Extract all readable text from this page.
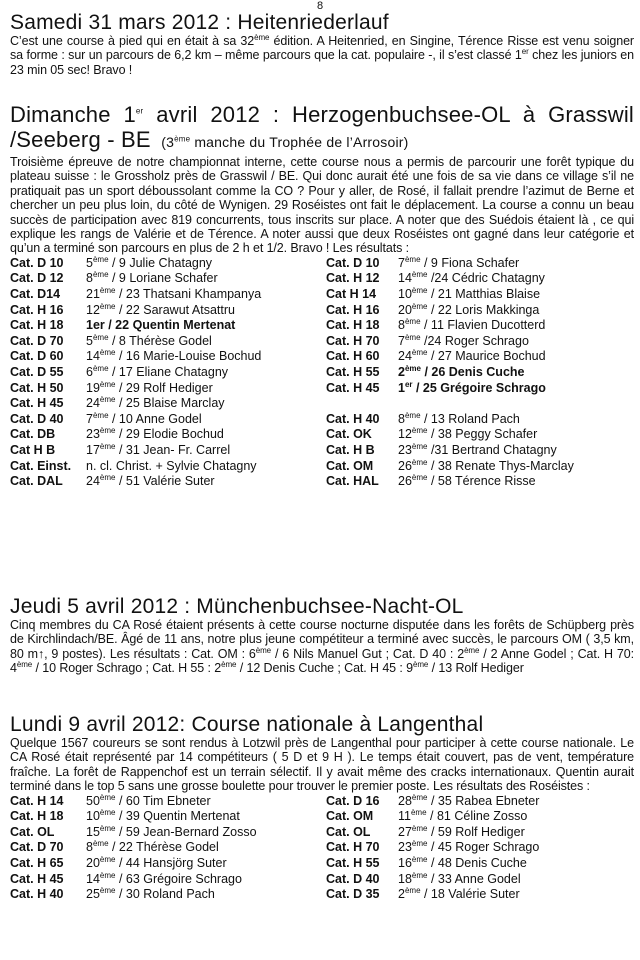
8
Samedi 31 mars 2012 : Heitenriederlauf

C’est une course à pied qui en était à sa 32ème édition. A Heitenried, en Singine, Térence Risse est venu soigner sa forme : sur un parcours de 6,2 km – même parcours que la cat. populaire -, il s’est classé 1er chez les juniors en 23 min 05 sec! Bravo !

Dimanche 1er avril 2012 : Herzogenbuchsee-OL à Grasswil /Seeberg - BE (3ème manche du Trophée de l’Arrosoir)

Troisième épreuve de notre championnat interne, cette course nous a permis de parcourir une forêt typique du plateau suisse : le Grossholz près de Grasswil / BE. Qui donc aurait été une fois de sa vie dans ce village s’il ne pratiquait pas un sport déboussolant comme la CO ? Pour y aller, de Rosé, il fallait prendre l’azimut de Berne et chercher un peu plus loin, du côté de Wynigen. 29 Roséistes ont fait le déplacement. La course a connu un beau succès de participation avec 819 concurrents, tous inscrits sur place. A noter que des Suédois étaient là , ce qui explique les rangs de Valérie et de Térence. A noter aussi que deux Roséistes ont gagné dans leur catégorie et qu’un a terminé son parcours en plus de 2 h et 1/2. Bravo ! Les résultats :

Cat. D 10 5ème / 9 Julie Chatagny
Cat. D 12 8ème / 9 Loriane Schafer
Cat. D14 21ème / 23 Thatsani Khampanya
Cat. H 16 12ème / 22 Sarawut Atsattru
Cat. H 18 1er / 22 Quentin Mertenat
Cat. D 70 5ème / 8 Thérèse Godel
Cat. D 60 14ème / 16 Marie-Louise Bochud
Cat. D 55 6ème / 17 Eliane Chatagny
Cat. H 50 19ème / 29 Rolf Hediger
Cat. H 45 24ème / 25 Blaise Marclay
Cat. D 40 7ème / 10 Anne Godel
Cat. DB 23ème / 29 Elodie Bochud
Cat H B 17ème / 31 Jean- Fr. Carrel
Cat. Einst. n. cl. Christ. + Sylvie Chatagny
Cat. DAL 24ème / 51 Valérie Suter
Cat. D 10 7ème / 9 Fiona Schafer
Cat. H 12 14ème /24 Cédric Chatagny
Cat H 14 10ème / 21 Matthias Blaise
Cat. H 16 20ème / 22 Loris Makkinga
Cat. H 18 8ème / 11 Flavien Ducotterd
Cat. H 70 7ème /24 Roger Schrago
Cat. H 60 24ème / 27 Maurice Bochud
Cat. H 55 2ème / 26 Denis Cuche
Cat. H 45 1er / 25 Grégoire Schrago
Cat. H 40 8ème / 13 Roland Pach
Cat. OK 12ème / 38 Peggy Schafer
Cat. H B 23ème /31 Bertrand Chatagny
Cat. OM 26ème / 38 Renate Thys-Marclay
Cat. HAL 26ème / 58 Térence Risse
Jeudi 5 avril 2012 : Münchenbuchsee-Nacht-OL

Cinq membres du CA Rosé étaient présents à cette course nocturne disputée dans les forêts de Schüpberg près de Kirchlindach/BE. Âgé de 11 ans, notre plus jeune compétiteur a terminé avec succès, le parcours OM ( 3,5 km, 80 m↑, 9 postes). Les résultats : Cat. OM : 6ème / 6 Nils Manuel Gut ; Cat. D 40 : 2ème / 2 Anne Godel ; Cat. H 70: 4ème / 10 Roger Schrago ; Cat. H 55 : 2ème / 12 Denis Cuche ; Cat. H 45 : 9ème / 13 Rolf Hediger

Lundi 9 avril 2012: Course nationale à Langenthal

Quelque 1567 coureurs se sont rendus à Lotzwil près de Langenthal pour participer à cette course nationale. Le CA Rosé était représenté par 14 compétiteurs ( 5 D et 9 H ). Le temps était couvert, pas de vent, température fraîche. La forêt de Rappenchof est un terrain sélectif. Il y avait même des cracks internationaux. Quentin aurait terminé dans le top 5 sans une grosse boulette pour trouver le premier poste. Les résultats des Roséistes :

Cat. H 14 50ème / 60 Tim Ebneter
Cat. H 18 10ème / 39 Quentin Mertenat
Cat. OL	15ème / 59 Jean-Bernard Zosso
Cat. D 70 8ème / 22 Thérèse Godel
Cat. H 65 20ème / 44 Hansjörg Suter
Cat. H 45 14ème / 63 Grégoire Schrago
Cat. H 40 25ème / 30 Roland Pach
Cat. D 16 28ème / 35 Rabea Ebneter
Cat. OM 11ème / 81 Céline Zosso
Cat. OL 27ème / 59 Rolf Hediger
Cat. H 70 23ème / 45 Roger Schrago
Cat. H 55 16ème / 48 Denis Cuche
Cat. D 40 18ème / 33 Anne Godel
Cat. D 35 2ème / 18 Valérie Suter
